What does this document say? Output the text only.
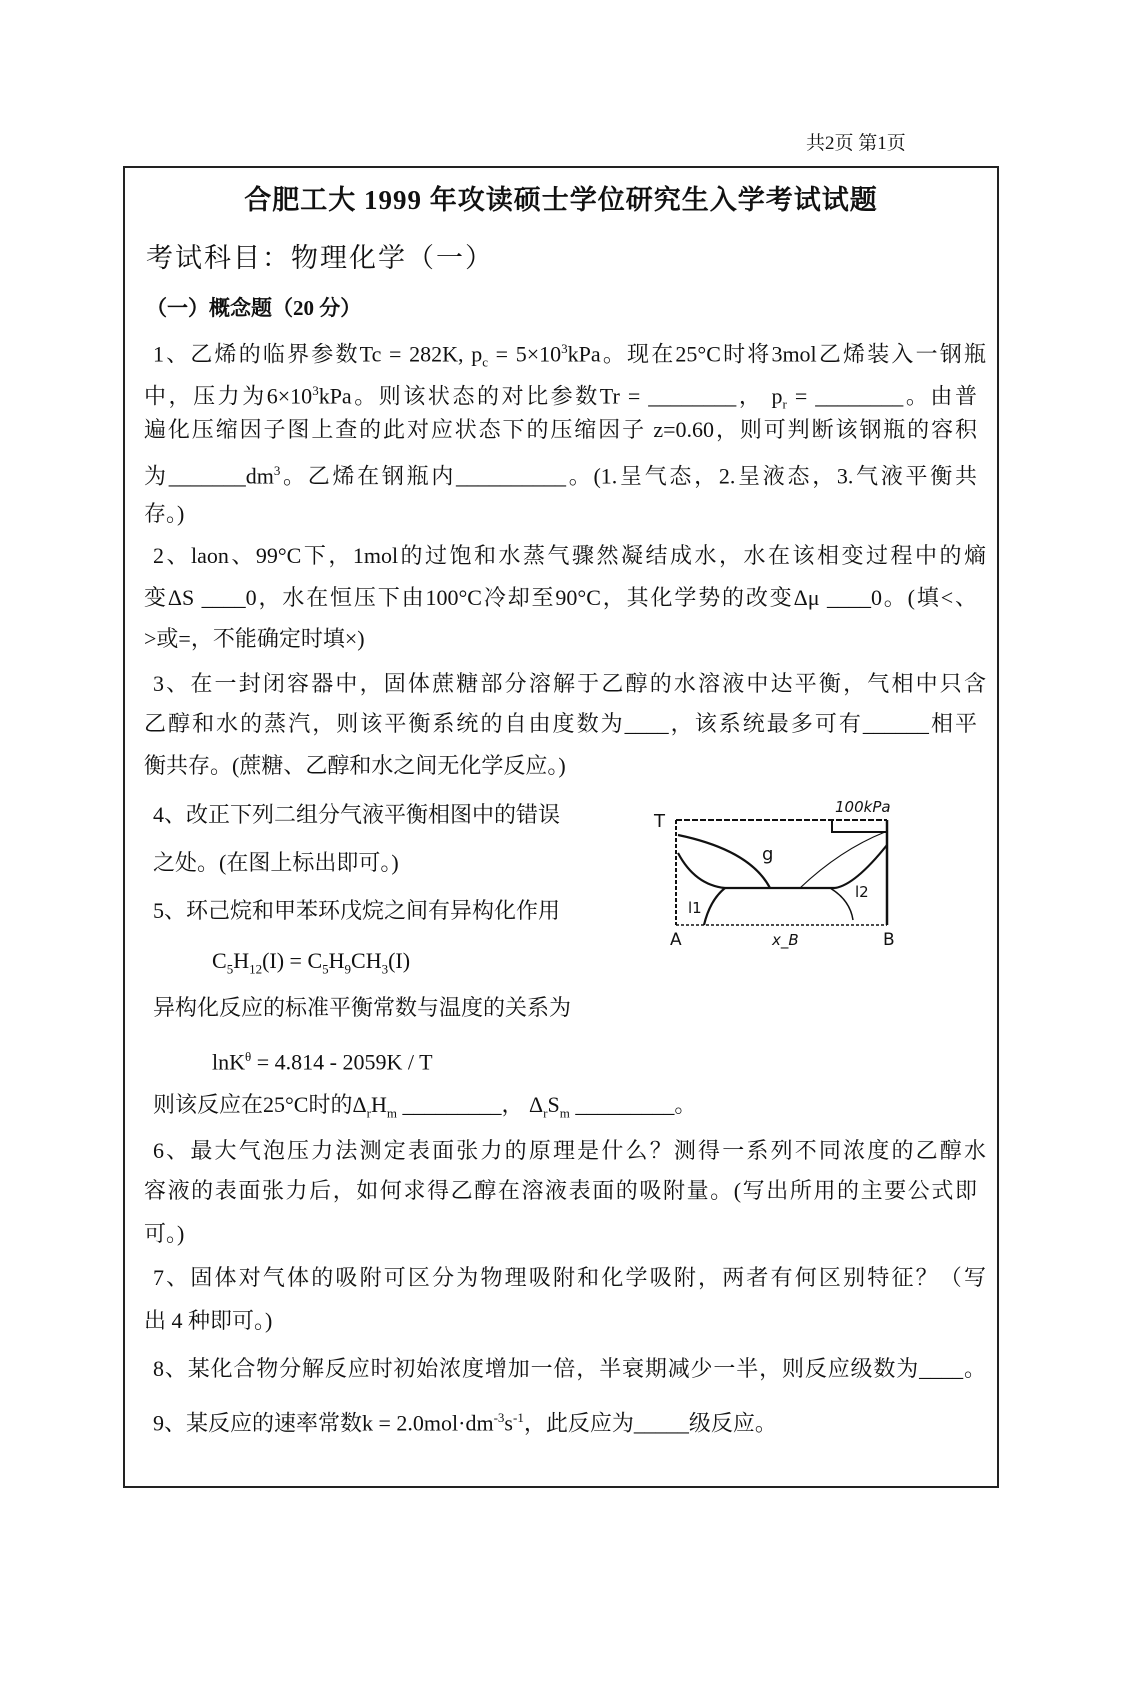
共2页 第1页
合肥工大 1999 年攻读硕士学位研究生入学考试试题
考试科目：物理化学（一）
（一）概念题（20 分）
1、乙烯的临界参数Tc = 282K, $p_c = 5\times 10^3kPa$。现在25°C时将3mol乙烯装入一钢瓶
中，压力为$6\times 10^3kPa$。则该状态的对比参数Tr = ________， $p_r$ = ________。由普
遍化压缩因子图上查的此对应状态下的压缩因子 z=0.60，则可判断该钢瓶的容积
为$\_\_\_\_\_\_\_dm^3$。乙烯在钢瓶内__________。(1.呈气态，2.呈液态，3.气液平衡共
存。)
2、laon、99°C下，1mol的过饱和水蒸气骤然凝结成水，水在该相变过程中的熵
变ΔS ____0，水在恒压下由100°C冷却至90°C，其化学势的改变Δμ ____0。(填<、
>或=，不能确定时填×)
3、在一封闭容器中，固体蔗糖部分溶解于乙醇的水溶液中达平衡，气相中只含
乙醇和水的蒸汽，则该平衡系统的自由度数为____，该系统最多可有______相平
衡共存。(蔗糖、乙醇和水之间无化学反应。)
4、改正下列二组分气液平衡相图中的错误
之处。(在图上标出即可。)
5、环己烷和甲苯环戊烷之间有异构化作用
$C_5H_{12}(I) = C_5H_9CH_3(I)$
异构化反应的标准平衡常数与温度的关系为
lnK$^\theta$ = 4.814 - 2059K / T
则该反应在25°C时的$\Delta_rH_m$ _________， $\Delta_rS_m$ _________。
6、最大气泡压力法测定表面张力的原理是什么？测得一系列不同浓度的乙醇水
容液的表面张力后，如何求得乙醇在溶液表面的吸附量。(写出所用的主要公式即
可。)
7、固体对气体的吸附可区分为物理吸附和化学吸附，两者有何区别特征？（写
出 4 种即可。)
8、某化合物分解反应时初始浓度增加一倍，半衰期减少一半，则反应级数为____。
9、某反应的速率常数$k = 2.0mol\cdot dm^{-3}s^{-1}$，此反应为_____级反应。
T
100kPa
g
l1
l2
A	x_B	B
